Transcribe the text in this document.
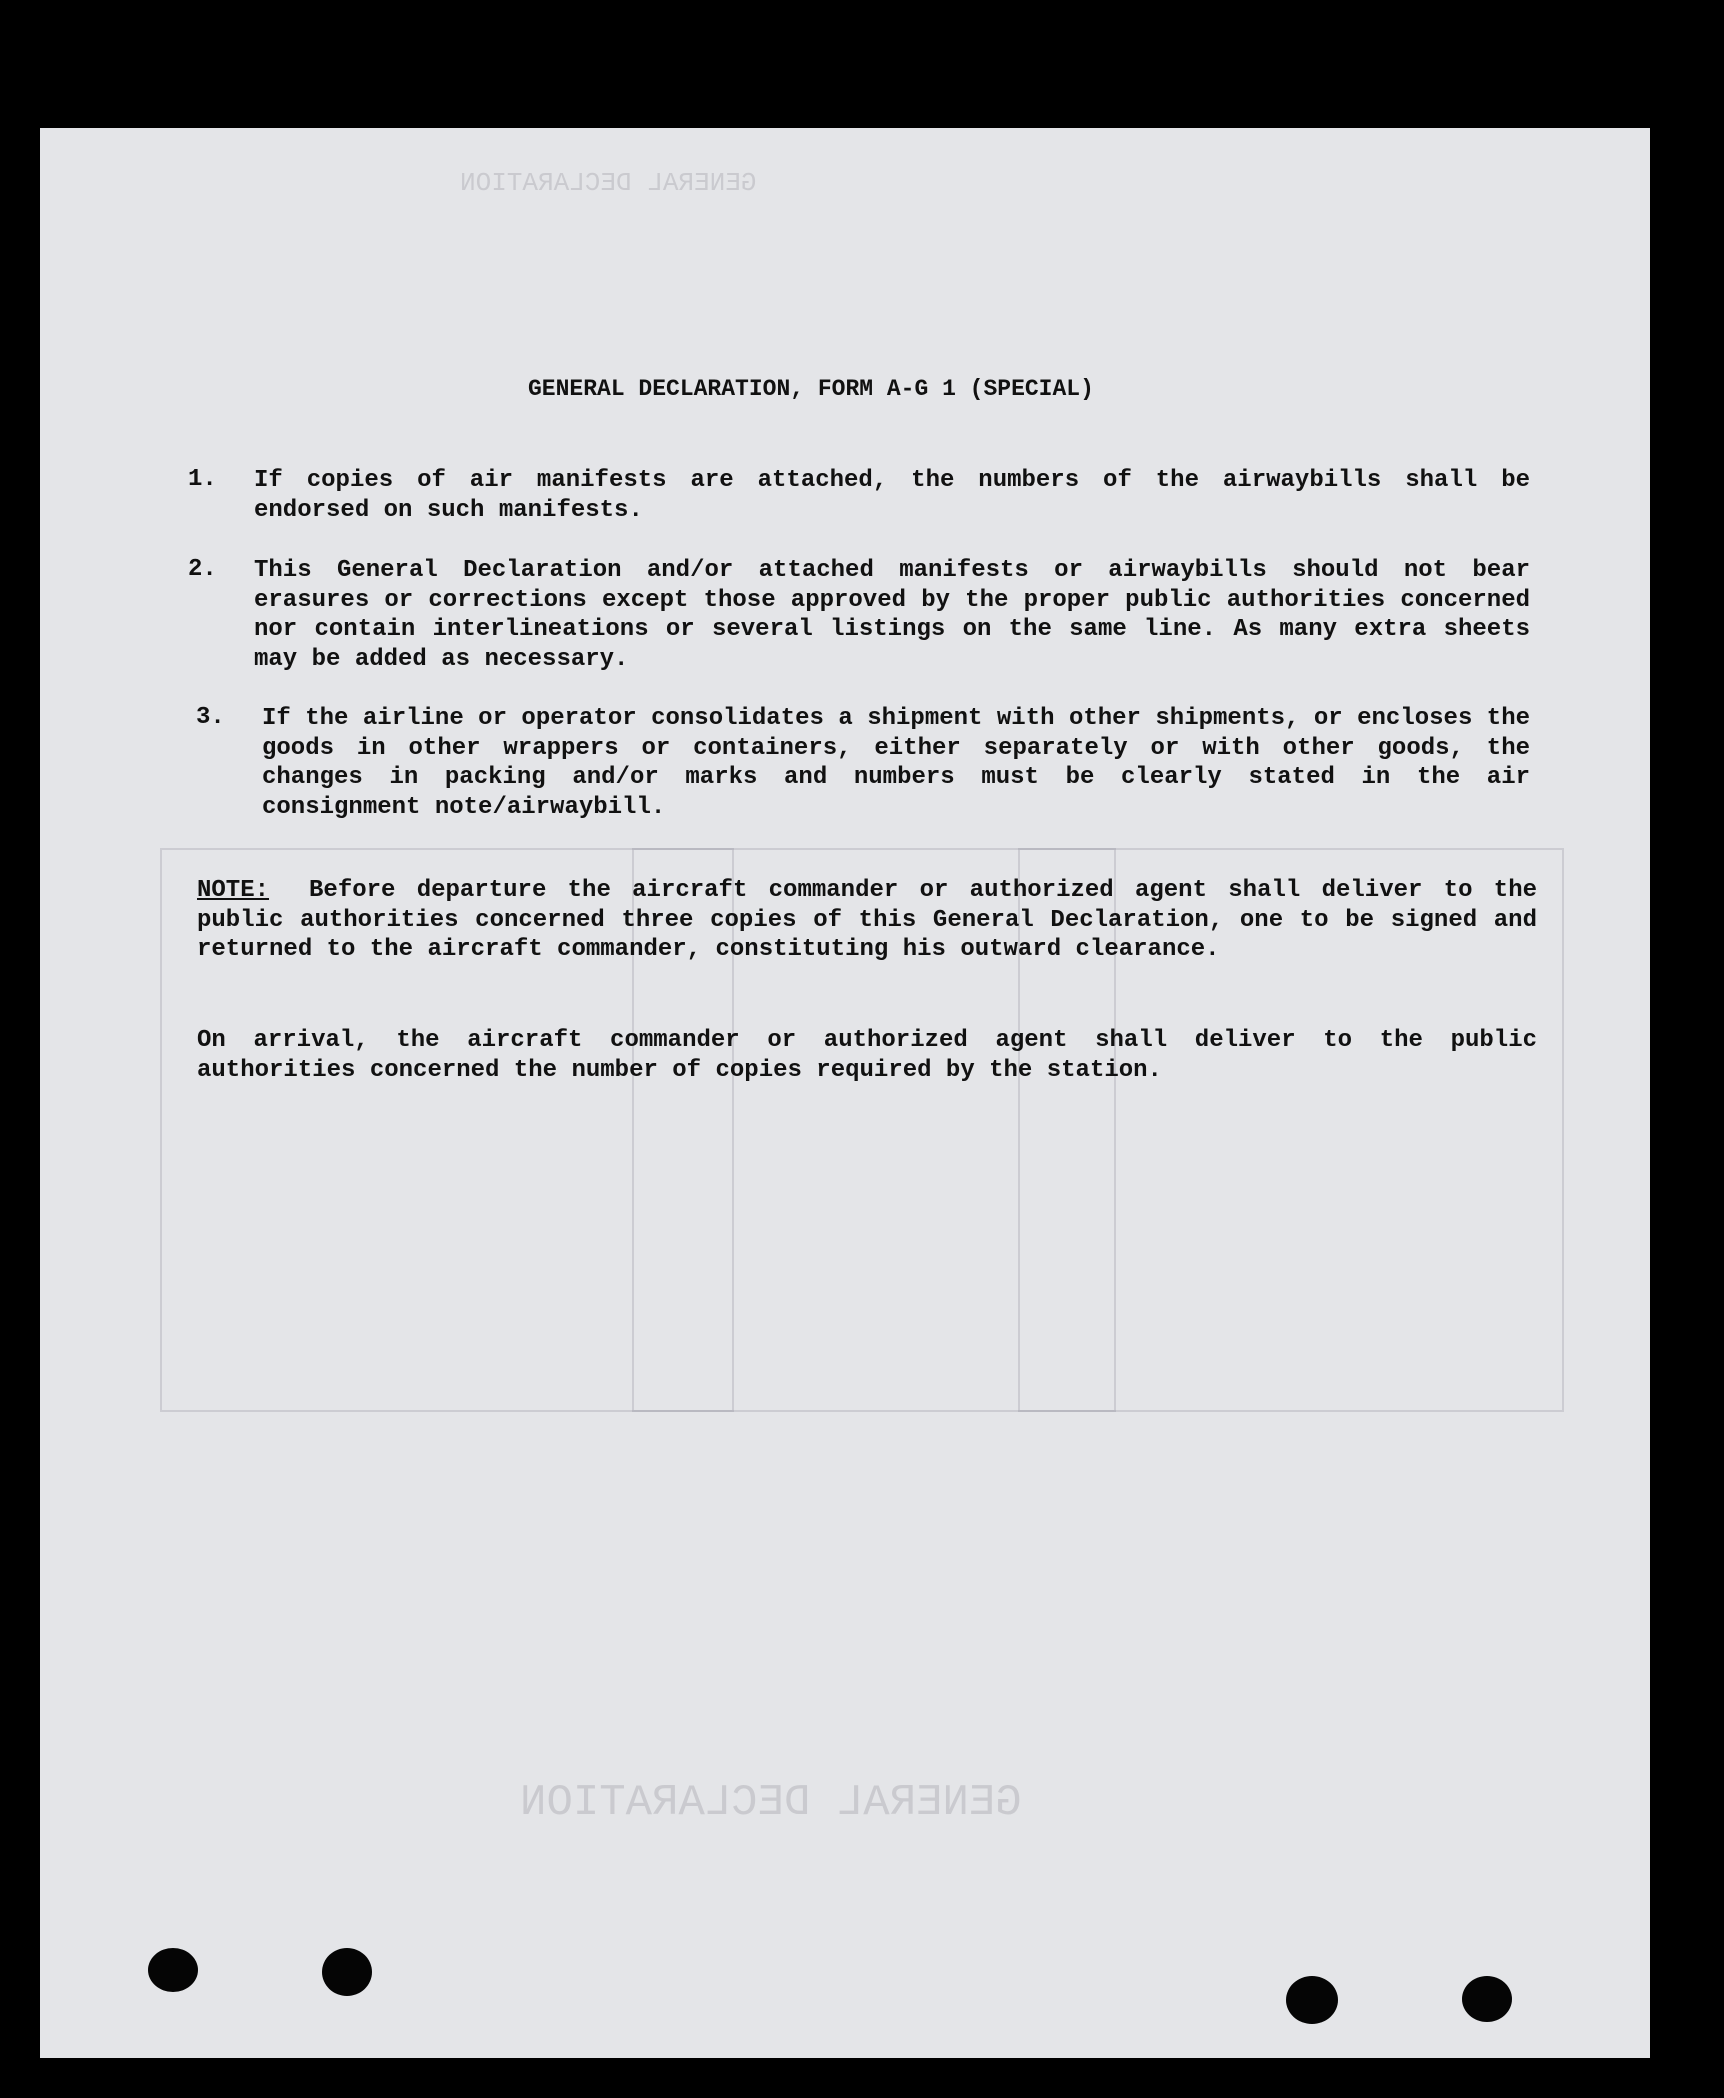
GENERAL DECLARATION
GENERAL DECLARATION
GENERAL DECLARATION, FORM A-G 1 (SPECIAL)
1. If copies of air manifests are attached, the numbers of the airwaybills shall be endorsed on such manifests.
2. This General Declaration and/or attached manifests or airwaybills should not bear erasures or corrections except those approved by the proper public authorities concerned nor contain interlineations or several listings on the same line. As many extra sheets may be added as necessary.
3. If the airline or operator consolidates a shipment with other shipments, or encloses the goods in other wrappers or containers, either separately or with other goods, the changes in packing and/or marks and numbers must be clearly stated in the air consignment note/airwaybill.
NOTE: Before departure the aircraft commander or authorized agent shall deliver to the public authorities concerned three copies of this General Declaration, one to be signed and returned to the aircraft commander, constituting his outward clearance.
On arrival, the aircraft commander or authorized agent shall deliver to the public authorities concerned the number of copies required by the station.
